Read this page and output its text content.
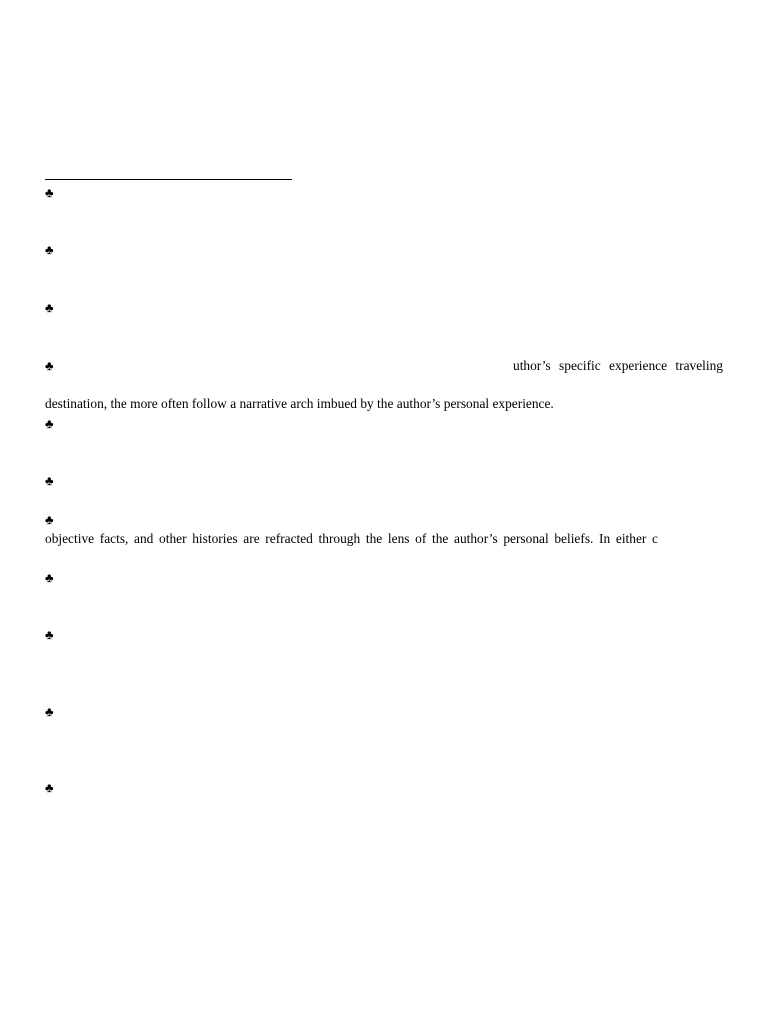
♣
♣
♣
♣	uthor’s specific experience traveling
destination, the more often follow a narrative arch imbued by the author’s personal experience.
♣
♣
♣
objective facts, and other histories are refracted through the lens of the author’s personal beliefs. In either c
♣
♣
♣
♣
